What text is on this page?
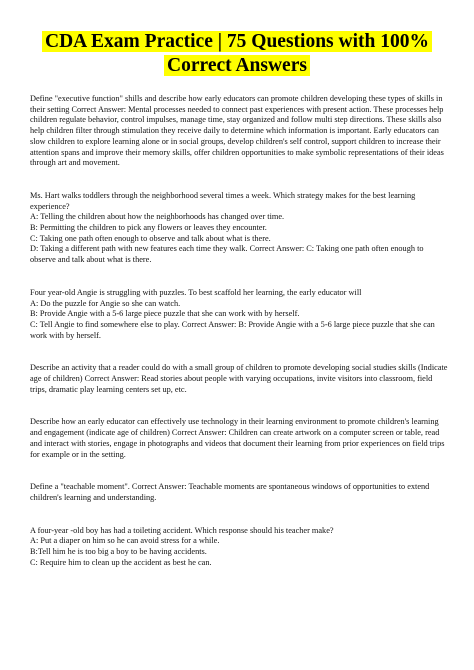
CDA Exam Practice | 75 Questions with 100%
Correct Answers

Define "executive function" shills and describe how early educators can promote children developing these types of skills in their setting Correct Answer: Mental processes needed to connect past experiences with present action. These processes help children regulate behavior, control impulses, manage time, stay organized and follow multi step directions. These skills also help children filter through stimulation they receive daily to determine which information is important. Early educators can slow children to explore learning alone or in social groups, develop children's self control, support children to increase their attention spans and improve their memory skills, offer children opportunities to make symbolic representations of their ideas through art and movement.

Ms. Hart walks toddlers through the neighborhood several times a week. Which strategy makes for the best learning experience?

A: Telling the children about how the neighborhoods has changed over time.

B: Permitting the children to pick any flowers or leaves they encounter.

C: Taking one path often enough to observe and talk about what is there.

D: Taking a different path with new features each time they walk. Correct Answer: C: Taking one path often enough to observe and talk about what is there.

Four year-old Angie is struggling with puzzles. To best scaffold her learning, the early educator will

A: Do the puzzle for Angie so she can watch.

B: Provide Angie with a 5-6 large piece puzzle that she can work with by herself.

C: Tell Angie to find somewhere else to play. Correct Answer: B: Provide Angie with a 5-6 large piece puzzle that she can work with by herself.

Describe an activity that a reader could do with a small group of children to promote developing social studies skills (Indicate age of children) Correct Answer: Read stories about people with varying occupations, invite visitors into classroom, field trips, dramatic play learning centers set up, etc.

Describe how an early educator can effectively use technology in their learning environment to promote children's learning and engagement (indicate age of children) Correct Answer: Children can create artwork on a computer screen or table, read and interact with stories, engage in photographs and videos that document their learning from prior experiences on field trips for example or in the setting.

Define a "teachable moment". Correct Answer: Teachable moments are spontaneous windows of opportunities to extend children's learning and understanding.

A four-year -old boy has had a toileting accident. Which response should his teacher make?

A: Put a diaper on him so he can avoid stress for a while.

B:Tell him he is too big a boy to be having accidents.

C: Require him to clean up the accident as best he can.
